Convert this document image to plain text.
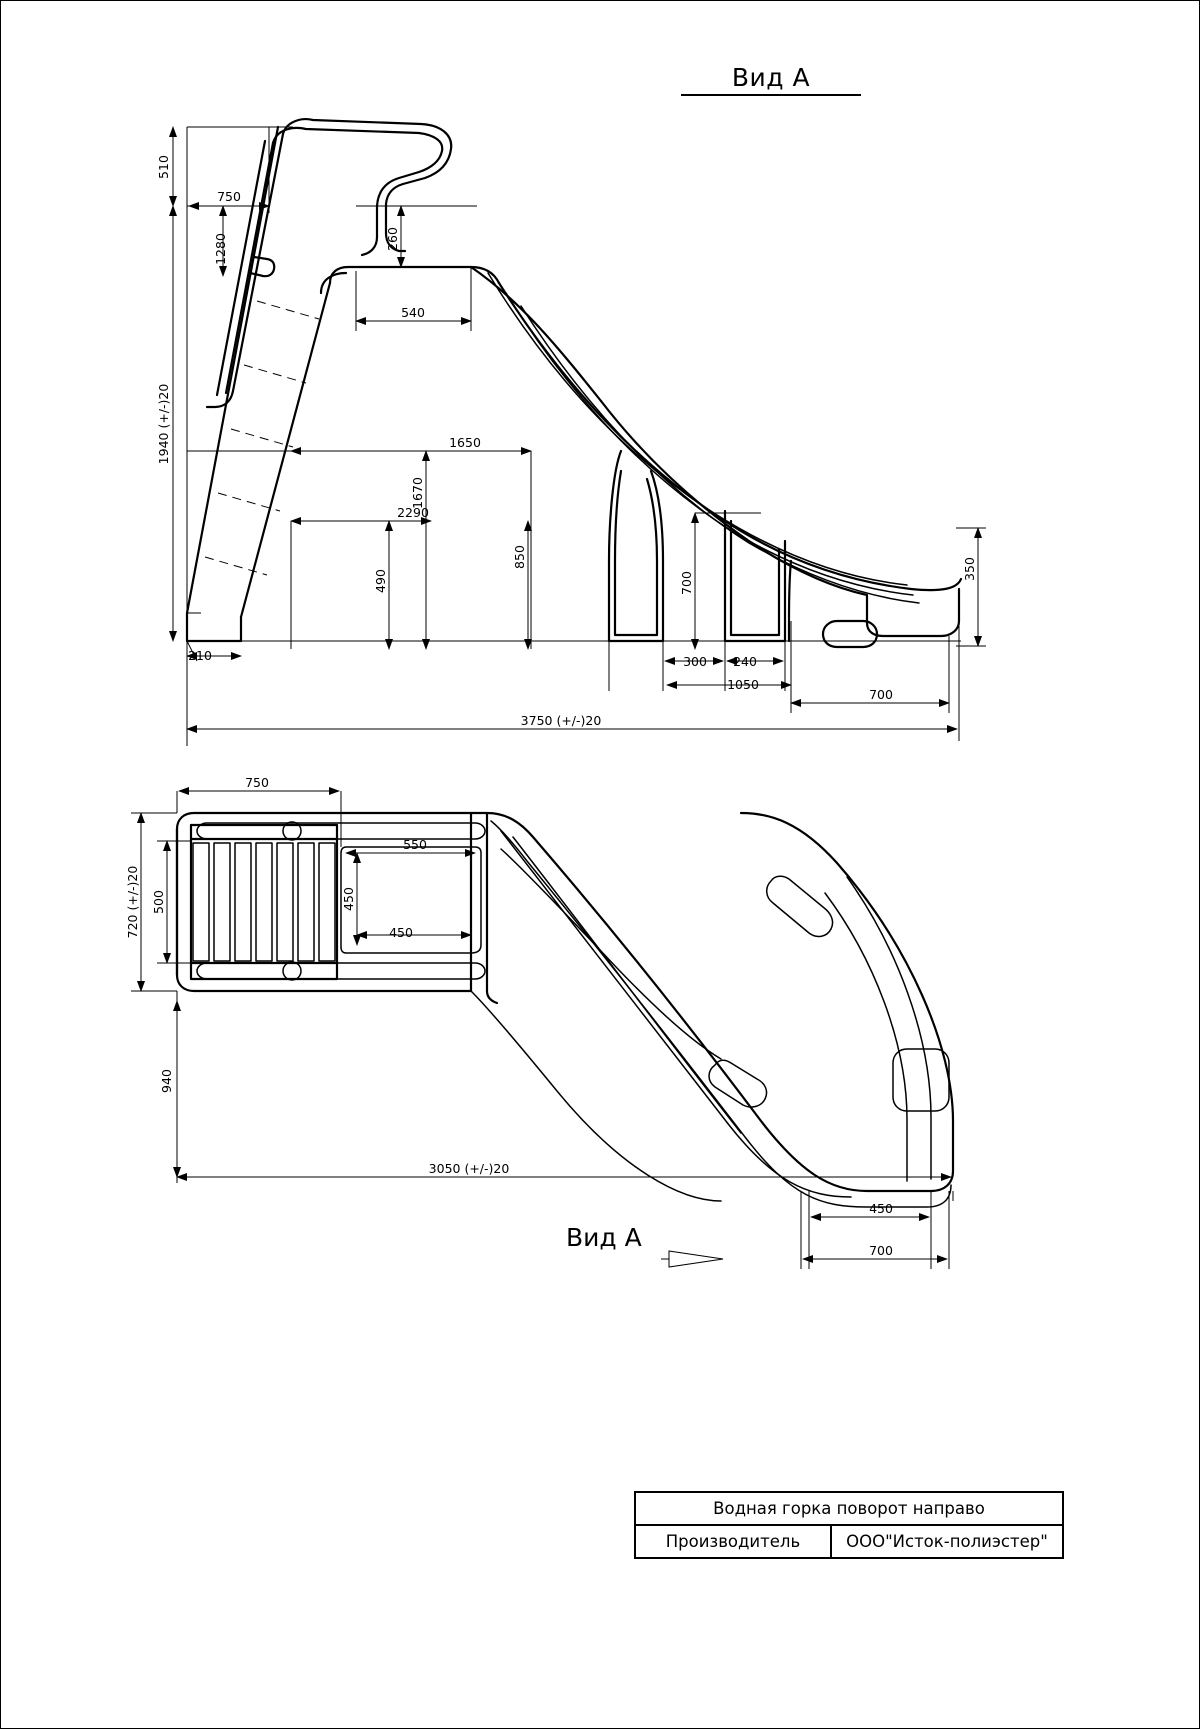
Вид А
510
1940 (+/-)20
750
1280	260
540
1650
1670
2290
850
490	700
350
210	300 240
1050
700
3750 (+/-)20
750
720 (+/-)20 500
550
450
450
940
3050 (+/-)20
450
700
Вид А
Водная горка поворот направо
Производитель	ООО"Исток-полиэстер"
